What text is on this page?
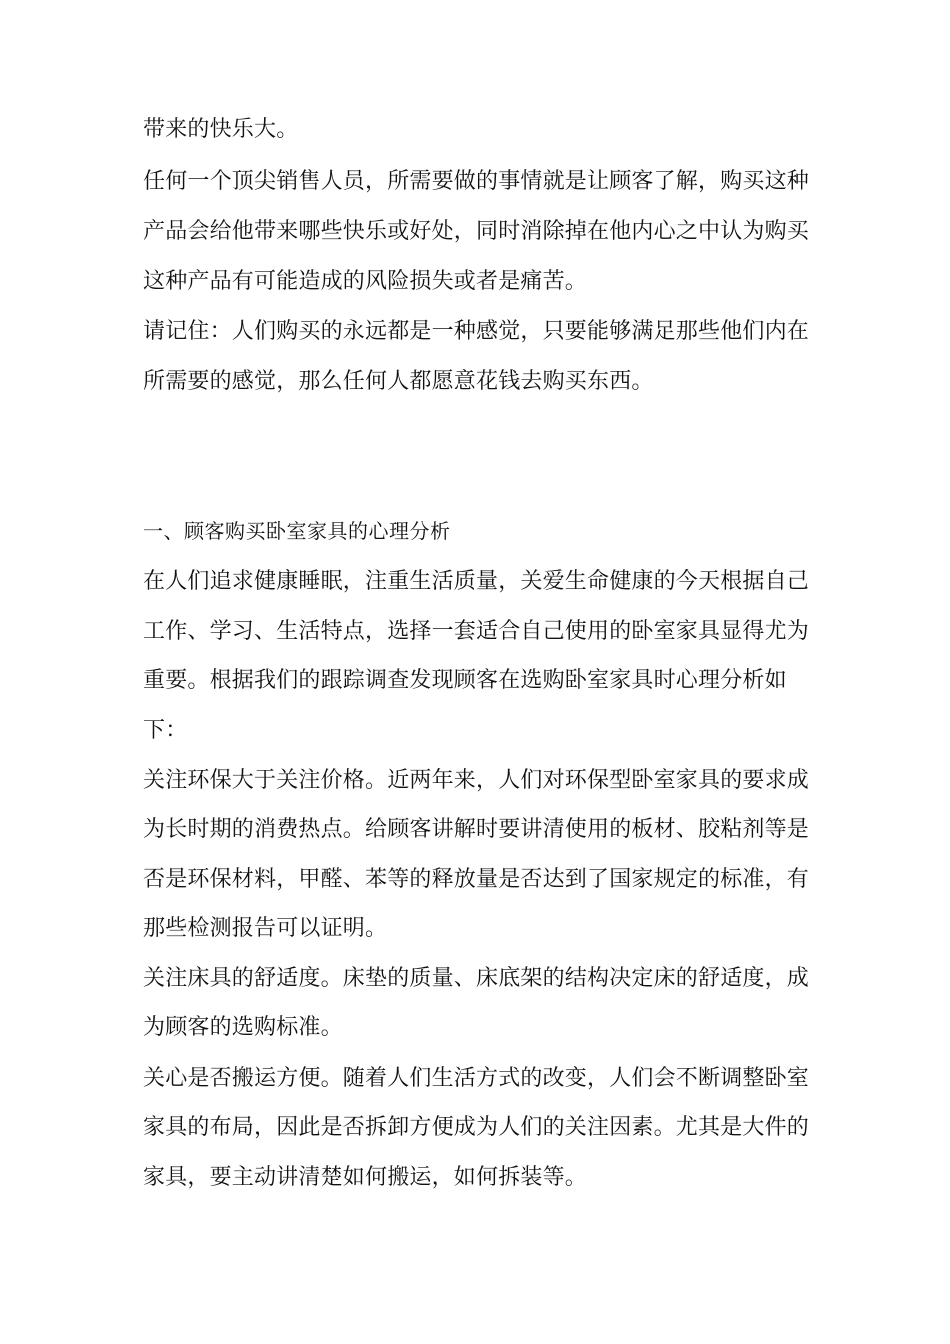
带来的快乐大。
任何一个顶尖销售人员，所需要做的事情就是让顾客了解，购买这种
产品会给他带来哪些快乐或好处，同时消除掉在他内心之中认为购买
这种产品有可能造成的风险损失或者是痛苦。
请记住：人们购买的永远都是一种感觉，只要能够满足那些他们内在
所需要的感觉，那么任何人都愿意花钱去购买东西。
一、顾客购买卧室家具的心理分析
在人们追求健康睡眠，注重生活质量，关爱生命健康的今天根据自己
工作、学习、生活特点，选择一套适合自己使用的卧室家具显得尤为
重要。根据我们的跟踪调查发现顾客在选购卧室家具时心理分析如
下：
关注环保大于关注价格。近两年来，人们对环保型卧室家具的要求成
为长时期的消费热点。给顾客讲解时要讲清使用的板材、胶粘剂等是
否是环保材料，甲醛、苯等的释放量是否达到了国家规定的标准，有
那些检测报告可以证明。
关注床具的舒适度。床垫的质量、床底架的结构决定床的舒适度，成
为顾客的选购标准。
关心是否搬运方便。随着人们生活方式的改变，人们会不断调整卧室
家具的布局，因此是否拆卸方便成为人们的关注因素。尤其是大件的
家具，要主动讲清楚如何搬运，如何拆装等。
